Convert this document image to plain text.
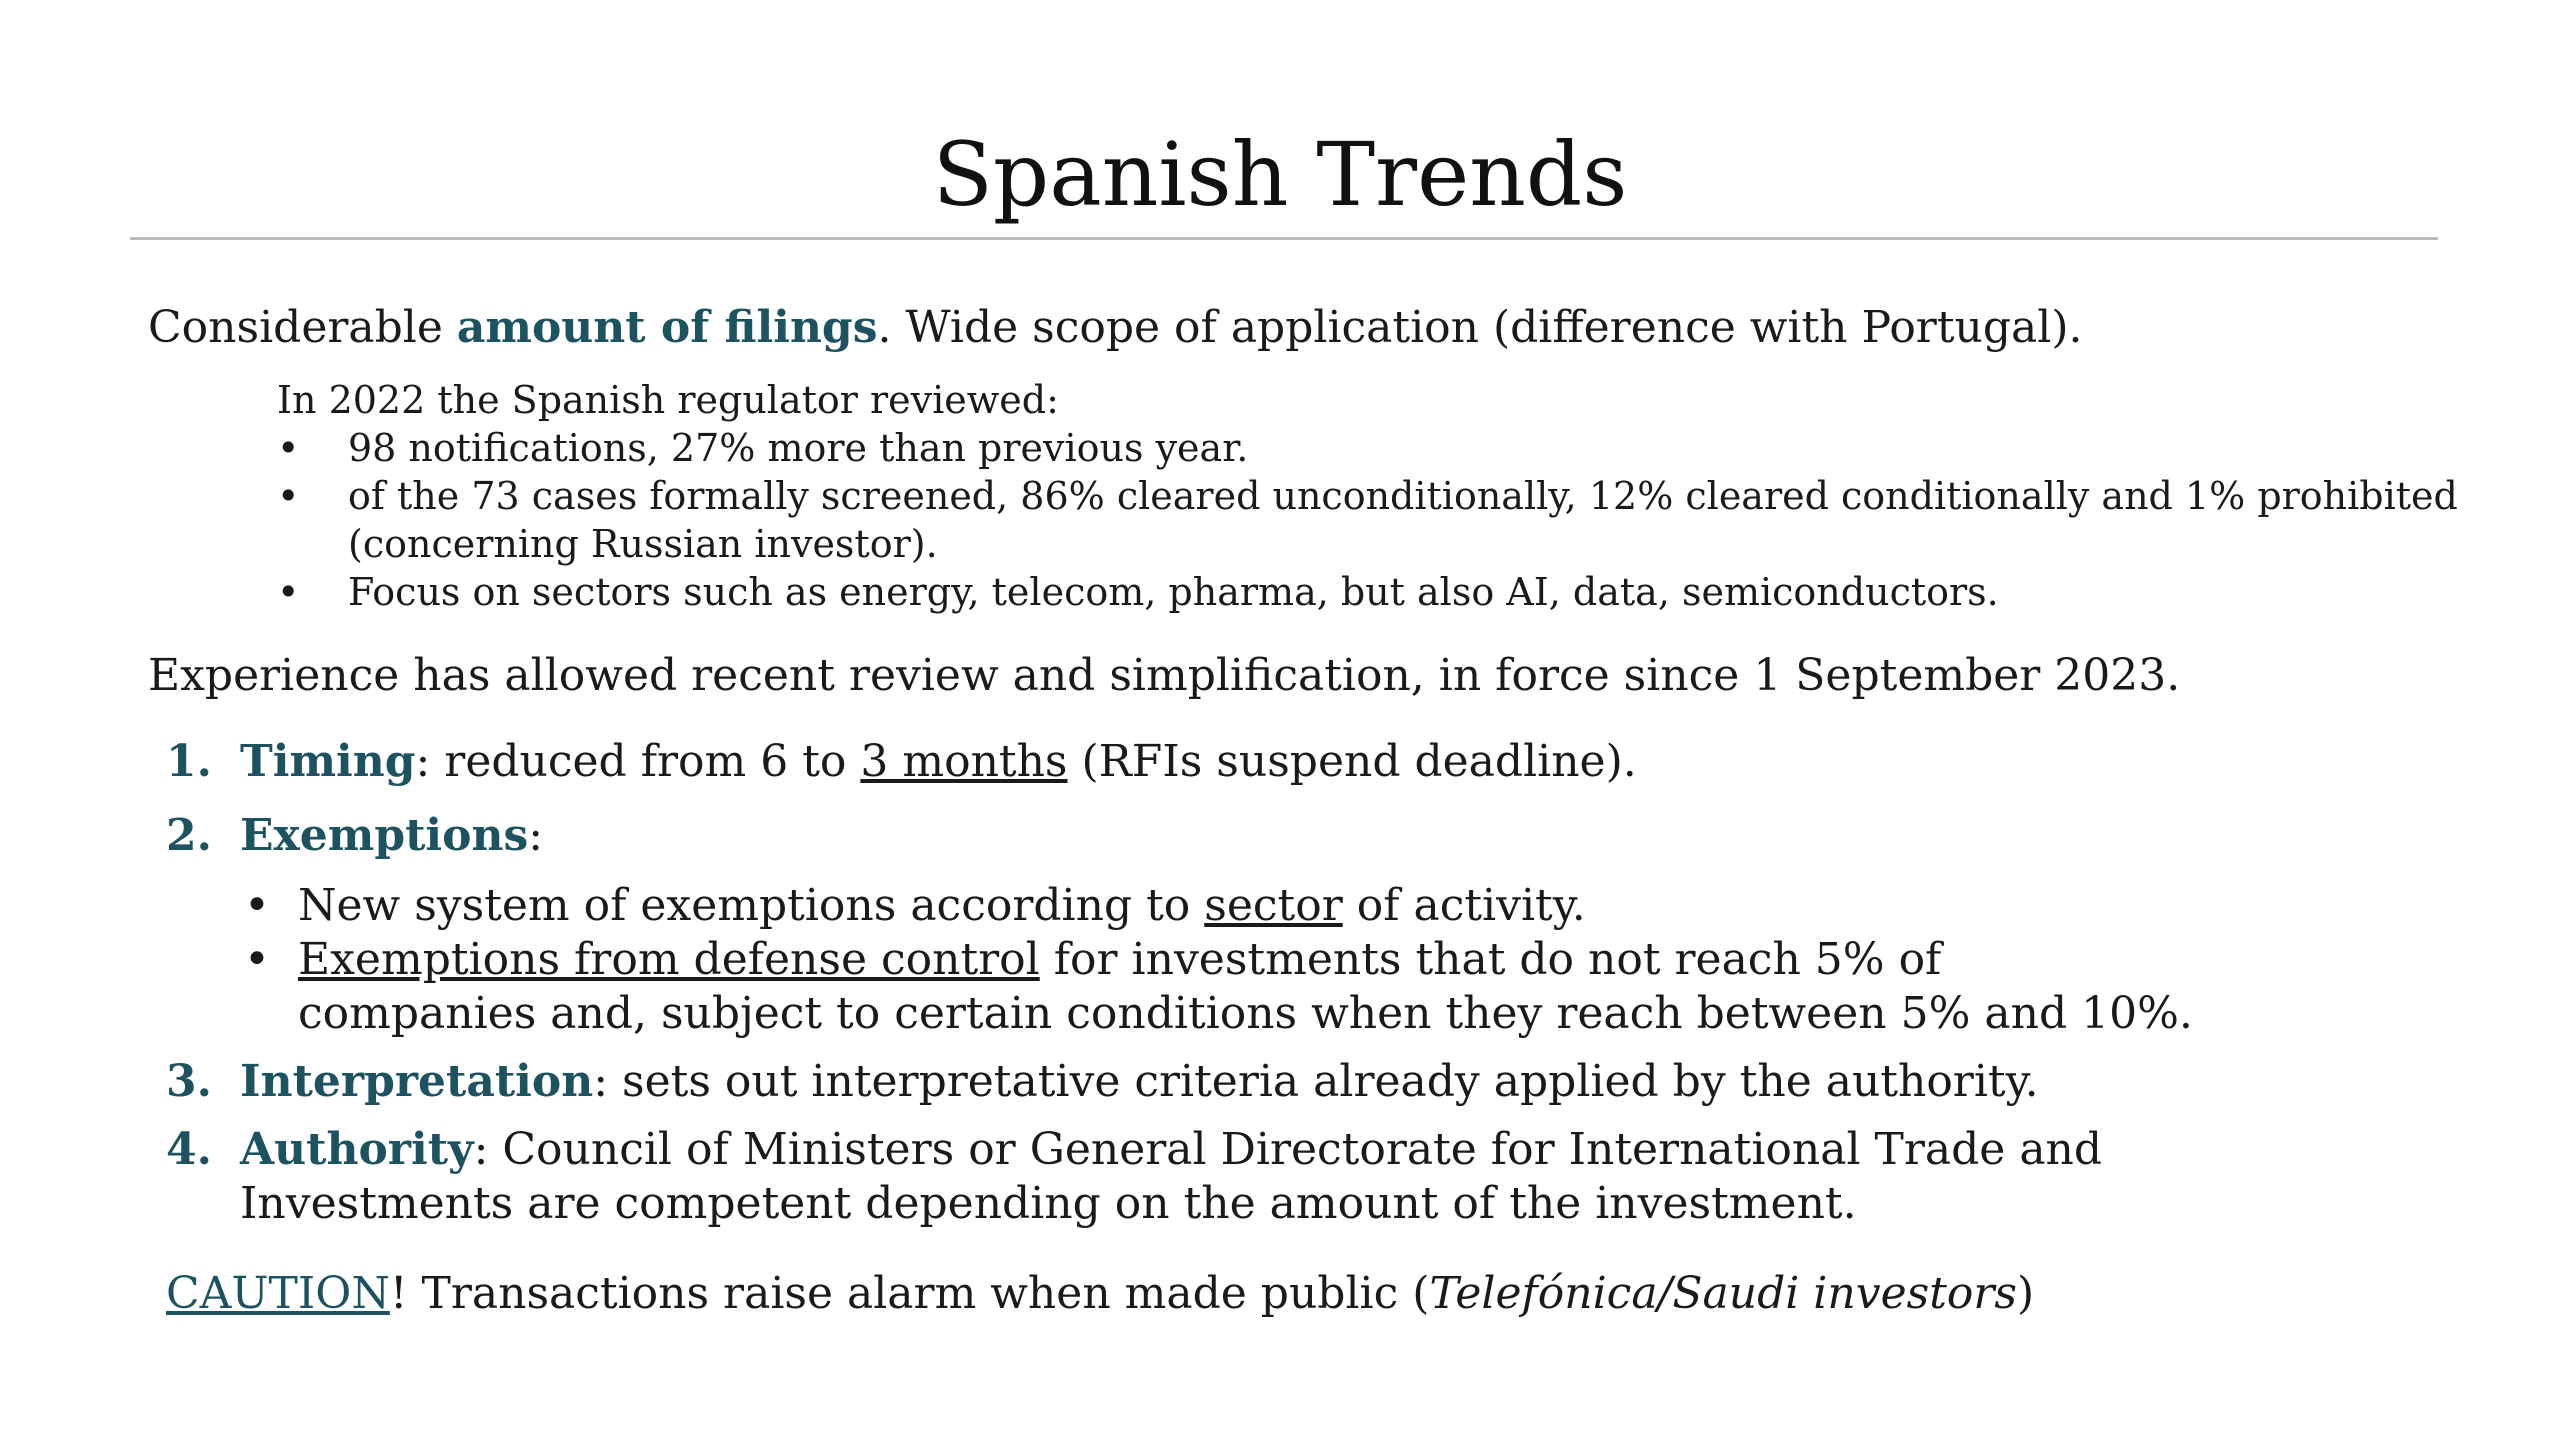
Spanish Trends
Considerable amount of filings. Wide scope of application (difference with Portugal).
In 2022 the Spanish regulator reviewed:
• 98 notifications, 27% more than previous year.
• of the 73 cases formally screened, 86% cleared unconditionally, 12% cleared conditionally and 1% prohibited
(concerning Russian investor).
• Focus on sectors such as energy, telecom, pharma, but also AI, data, semiconductors.
Experience has allowed recent review and simplification, in force since 1 September 2023.
1. Timing: reduced from 6 to 3 months (RFIs suspend deadline).
2. Exemptions:
• New system of exemptions according to sector of activity.
• Exemptions from defense control for investments that do not reach 5% of
companies and, subject to certain conditions when they reach between 5% and 10%.
3. Interpretation: sets out interpretative criteria already applied by the authority.
4. Authority: Council of Ministers or General Directorate for International Trade and
Investments are competent depending on the amount of the investment.
CAUTION! Transactions raise alarm when made public (Telefónica/Saudi investors)
